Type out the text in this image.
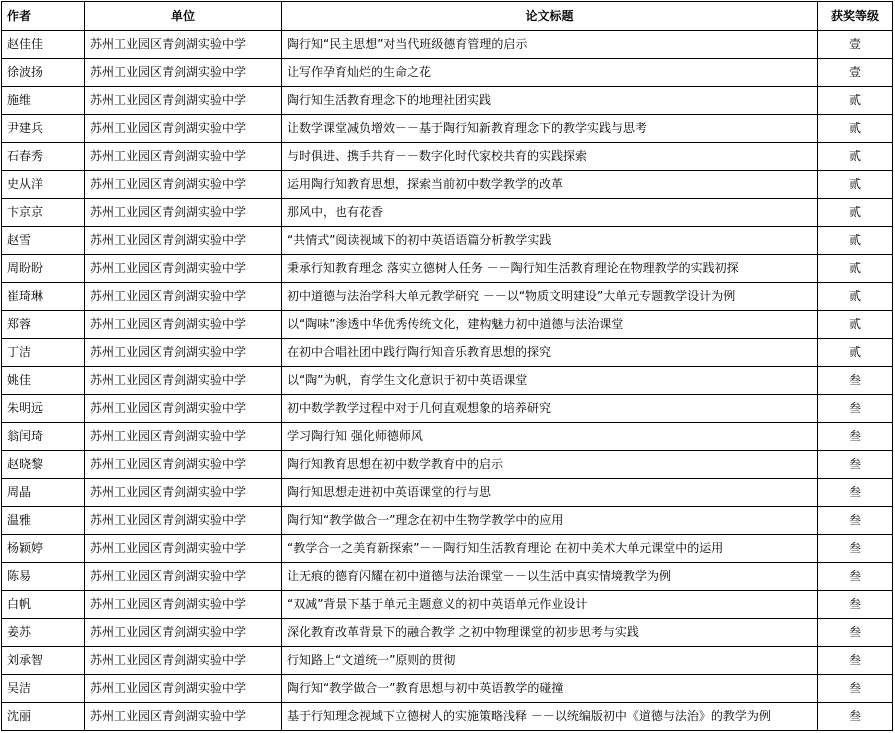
作者	单位	论文标题	获奖等级
赵佳佳	苏州工业园区青剑湖实验中学	陶行知“民主思想”对当代班级德育管理的启示	壹
徐波扬	苏州工业园区青剑湖实验中学	让写作孕育灿烂的生命之花	壹
施维	苏州工业园区青剑湖实验中学	陶行知生活教育理念下的地理社团实践	贰
尹建兵	苏州工业园区青剑湖实验中学	让数学课堂减负增效－－基于陶行知新教育理念下的教学实践与思考	贰
石春秀	苏州工业园区青剑湖实验中学	与时俱进、携手共育－－数字化时代家校共育的实践探索	贰
史从洋	苏州工业园区青剑湖实验中学	运用陶行知教育思想，探索当前初中数学教学的改革	贰
卞京京	苏州工业园区青剑湖实验中学	那风中，也有花香	贰
赵雪	苏州工业园区青剑湖实验中学	“共情式”阅读视域下的初中英语语篇分析教学实践	贰
周盼盼	苏州工业园区青剑湖实验中学	秉承行知教育理念 落实立德树人任务 －－陶行知生活教育理论在物理教学的实践初探	贰
崔琦琳	苏州工业园区青剑湖实验中学	初中道德与法治学科大单元教学研究 －－以“物质文明建设”大单元专题教学设计为例	贰
郑蓉	苏州工业园区青剑湖实验中学	以“陶味”渗透中华优秀传统文化，建构魅力初中道德与法治课堂	贰
丁洁	苏州工业园区青剑湖实验中学	在初中合唱社团中践行陶行知音乐教育思想的探究	贰
姚佳	苏州工业园区青剑湖实验中学	以“陶”为帆，育学生文化意识于初中英语课堂	叁
朱明远	苏州工业园区青剑湖实验中学	初中数学教学过程中对于几何直观想象的培养研究	叁
翁闰琦	苏州工业园区青剑湖实验中学	学习陶行知 强化师德师风	叁
赵晓黎	苏州工业园区青剑湖实验中学	陶行知教育思想在初中数学教育中的启示	叁
周晶	苏州工业园区青剑湖实验中学	陶行知思想走进初中英语课堂的行与思	叁
温雅	苏州工业园区青剑湖实验中学	陶行知“教学做合一”理念在初中生物学教学中的应用	叁
杨颖婷	苏州工业园区青剑湖实验中学	“教学合一之美育新探索”－－陶行知生活教育理论 在初中美术大单元课堂中的运用	叁
陈易	苏州工业园区青剑湖实验中学	让无痕的德育闪耀在初中道德与法治课堂－－以生活中真实情境教学为例	叁
白帆	苏州工业园区青剑湖实验中学	“双减”背景下基于单元主题意义的初中英语单元作业设计	叁
姜苏	苏州工业园区青剑湖实验中学	深化教育改革背景下的融合教学 之初中物理课堂的初步思考与实践	叁
刘承智	苏州工业园区青剑湖实验中学	行知路上“文道统一”原则的贯彻	叁
吴洁	苏州工业园区青剑湖实验中学	陶行知“教学做合一”教育思想与初中英语教学的碰撞	叁
沈丽	苏州工业园区青剑湖实验中学	基于行知理念视域下立德树人的实施策略浅释 －－以统编版初中《道德与法治》的教学为例	叁
